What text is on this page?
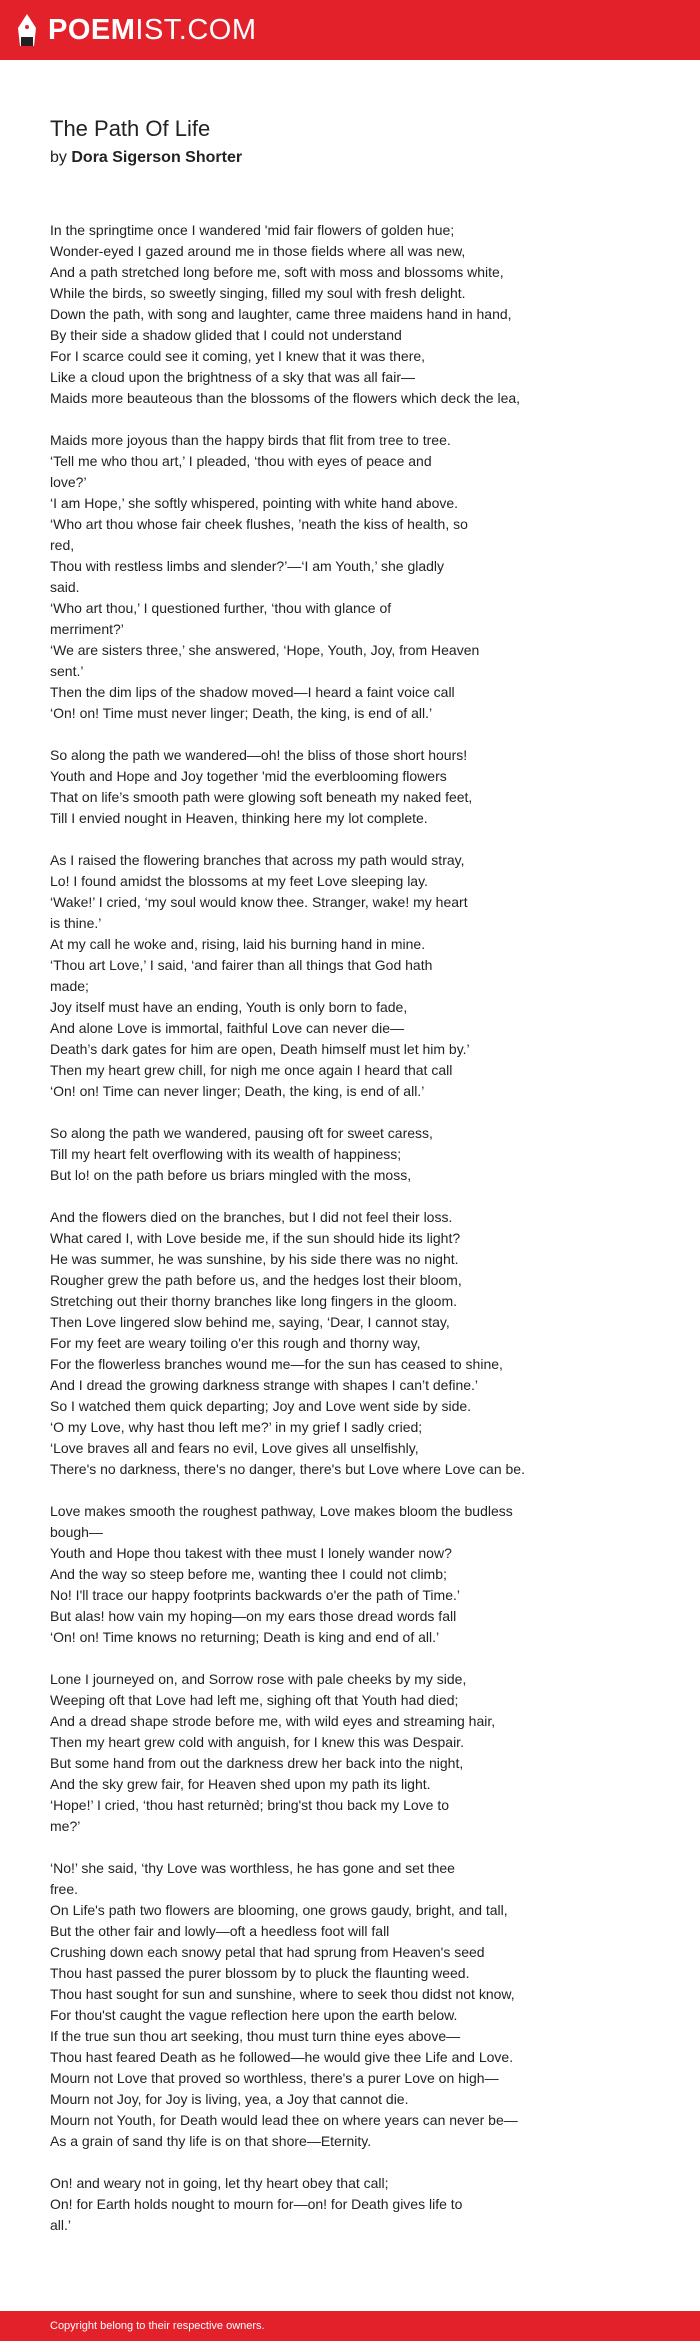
POEMIST.COM
The Path Of Life
by Dora Sigerson Shorter
In the springtime once I wandered 'mid fair flowers of golden hue;
Wonder-eyed I gazed around me in those fields where all was new,
And a path stretched long before me, soft with moss and blossoms white,
While the birds, so sweetly singing, filled my soul with fresh delight.
Down the path, with song and laughter, came three maidens hand in hand,
By their side a shadow glided that I could not understand
For I scarce could see it coming, yet I knew that it was there,
Like a cloud upon the brightness of a sky that was all fair—
Maids more beauteous than the blossoms of the flowers which deck the lea,
Maids more joyous than the happy birds that flit from tree to tree.
‘Tell me who thou art,’ I pleaded, ‘thou with eyes of peace and
love?’
‘I am Hope,’ she softly whispered, pointing with white hand above.
‘Who art thou whose fair cheek flushes, ’neath the kiss of health, so
red,
Thou with restless limbs and slender?’—‘I am Youth,’ she gladly
said.
‘Who art thou,’ I questioned further, ‘thou with glance of
merriment?’
‘We are sisters three,’ she answered, ‘Hope, Youth, Joy, from Heaven
sent.’
Then the dim lips of the shadow moved—I heard a faint voice call
‘On! on! Time must never linger; Death, the king, is end of all.’
So along the path we wandered—oh! the bliss of those short hours!
Youth and Hope and Joy together 'mid the everblooming flowers
That on life’s smooth path were glowing soft beneath my naked feet,
Till I envied nought in Heaven, thinking here my lot complete.
As I raised the flowering branches that across my path would stray,
Lo! I found amidst the blossoms at my feet Love sleeping lay.
‘Wake!’ I cried, ‘my soul would know thee. Stranger, wake! my heart
is thine.’
At my call he woke and, rising, laid his burning hand in mine.
‘Thou art Love,’ I said, ‘and fairer than all things that God hath
made;
Joy itself must have an ending, Youth is only born to fade,
And alone Love is immortal, faithful Love can never die—
Death’s dark gates for him are open, Death himself must let him by.’
Then my heart grew chill, for nigh me once again I heard that call
‘On! on! Time can never linger; Death, the king, is end of all.’
So along the path we wandered, pausing oft for sweet caress,
Till my heart felt overflowing with its wealth of happiness;
But lo! on the path before us briars mingled with the moss,
And the flowers died on the branches, but I did not feel their loss.
What cared I, with Love beside me, if the sun should hide its light?
He was summer, he was sunshine, by his side there was no night.
Rougher grew the path before us, and the hedges lost their bloom,
Stretching out their thorny branches like long fingers in the gloom.
Then Love lingered slow behind me, saying, ‘Dear, I cannot stay,
For my feet are weary toiling o'er this rough and thorny way,
For the flowerless branches wound me—for the sun has ceased to shine,
And I dread the growing darkness strange with shapes I can’t define.’
So I watched them quick departing; Joy and Love went side by side.
‘O my Love, why hast thou left me?’ in my grief I sadly cried;
‘Love braves all and fears no evil, Love gives all unselfishly,
There's no darkness, there's no danger, there's but Love where Love can be.
Love makes smooth the roughest pathway, Love makes bloom the budless
bough—
Youth and Hope thou takest with thee must I lonely wander now?
And the way so steep before me, wanting thee I could not climb;
No! I'll trace our happy footprints backwards o'er the path of Time.’
But alas! how vain my hoping—on my ears those dread words fall
‘On! on! Time knows no returning; Death is king and end of all.’
Lone I journeyed on, and Sorrow rose with pale cheeks by my side,
Weeping oft that Love had left me, sighing oft that Youth had died;
And a dread shape strode before me, with wild eyes and streaming hair,
Then my heart grew cold with anguish, for I knew this was Despair.
But some hand from out the darkness drew her back into the night,
And the sky grew fair, for Heaven shed upon my path its light.
‘Hope!’ I cried, ‘thou hast returnèd; bring'st thou back my Love to
me?’
‘No!’ she said, ‘thy Love was worthless, he has gone and set thee
free.
On Life's path two flowers are blooming, one grows gaudy, bright, and tall,
But the other fair and lowly—oft a heedless foot will fall
Crushing down each snowy petal that had sprung from Heaven's seed
Thou hast passed the purer blossom by to pluck the flaunting weed.
Thou hast sought for sun and sunshine, where to seek thou didst not know,
For thou'st caught the vague reflection here upon the earth below.
If the true sun thou art seeking, thou must turn thine eyes above—
Thou hast feared Death as he followed—he would give thee Life and Love.
Mourn not Love that proved so worthless, there's a purer Love on high—
Mourn not Joy, for Joy is living, yea, a Joy that cannot die.
Mourn not Youth, for Death would lead thee on where years can never be—
As a grain of sand thy life is on that shore—Eternity.
On! and weary not in going, let thy heart obey that call;
On! for Earth holds nought to mourn for—on! for Death gives life to
all.’
Copyright belong to their respective owners.
